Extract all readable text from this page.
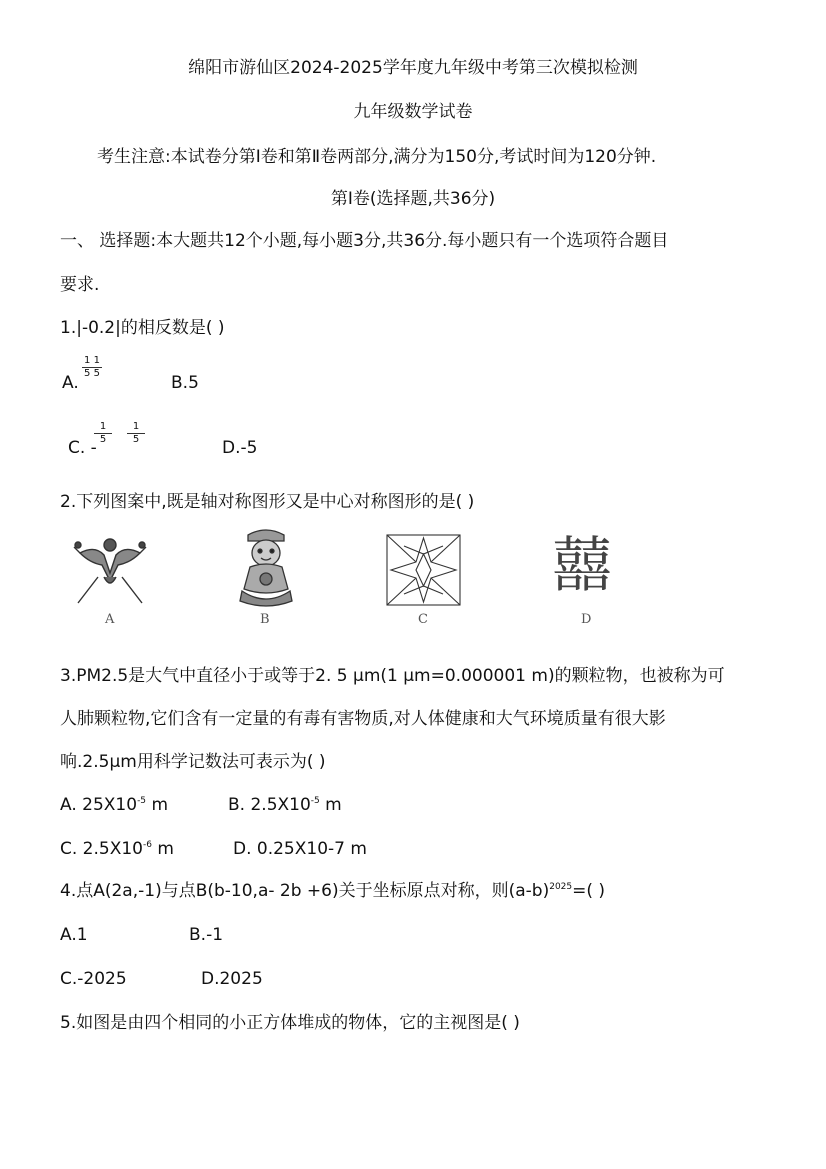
绵阳市游仙区2024-2025学年度九年级中考第三次模拟检测
九年级数学试卷
考生注意:本试卷分第Ⅰ卷和第Ⅱ卷两部分,满分为150分,考试时间为120分钟.
第Ⅰ卷(选择题,共36分)
一、 选择题:本大题共12个小题,每小题3分,共36分.每小题只有一个选项符合题目
要求.
1.|-0.2|的相反数是( )
A.
$\frac{1 1}{5 5}$
B.5
C. -
$\frac{1}{5} \frac{1}{5}$
D.-5
2.下列图案中,既是轴对称图形又是中心对称图形的是( )
A	B	C
囍
D
3.PM2.5是大气中直径小于或等于2. 5 μm(1 μm=0.000001 m)的颗粒物，也被称为可
人肺颗粒物,它们含有一定量的有毒有害物质,对人体健康和大气环境质量有很大影
响.2.5μm用科学记数法可表示为( )
A. $25X10^{-5}$ m	B. $2.5X10^{-5}$ m
C. $2.5X10^{-6}$ m	D. 0.25X10-7 m
4.点A(2a,-1)与点B(b-10,a- 2b +6)关于坐标原点对称，则$(a-b)^{2025}=$( )
A.1	B.-1
C.-2025	D.2025
5.如图是由四个相同的小正方体堆成的物体，它的主视图是( )
